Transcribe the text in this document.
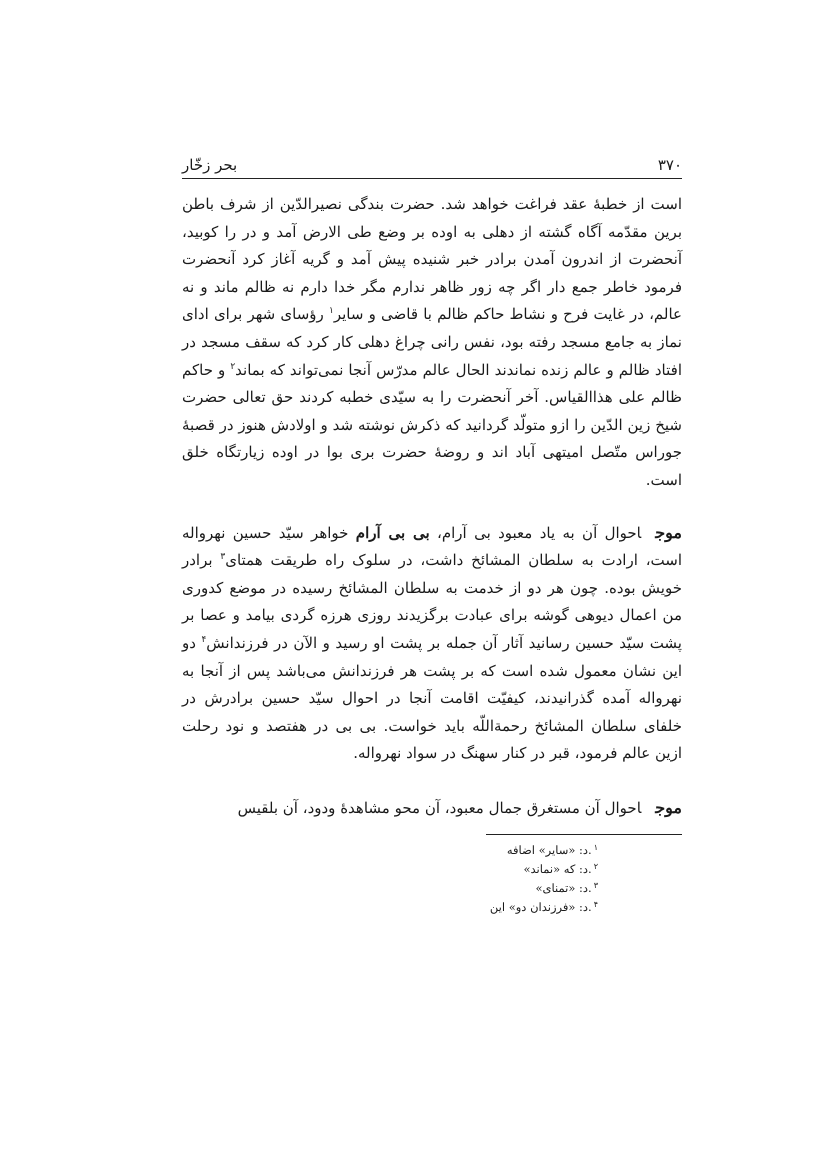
۳۷۰
بحر زخّار

است از خطبهٔ عقد فراغت خواهد شد. حضرت بندگی نصیرالدّین از شرف باطن برین مقدّمه آگاه گشته از دهلی به اوده بر وضع طی الارض آمد و در را کوبید، آنحضرت از اندرون آمدن برادر خبر شنیده پیش آمد و گریه آغاز کرد آنحضرت فرمود خاطر جمع دار اگر چه زور ظاهر ندارم مگر خدا دارم نه ظالم ماند و نه عالم، در غایت فرح و نشاط حاکم ظالم با قاضی و سایر$^۱$ رؤسای شهر برای ادای نماز به جامع مسجد رفته بود، نفس رانی چراغ دهلی کار کرد که سقف مسجد در افتاد ظالم و عالم زنده نماندند الحال عالم مدرّس آنجا نمی‌تواند که بماند$^۲$ و حاکم ظالم علی هذاالقیاس. آخر آنحضرت را به سیّدی خطبه کردند حق تعالی حضرت شیخ زین الدّین را ازو متولّد گردانید که ذکرش نوشته شد و اولادش هنوز در قصبهٔ جوراس متّصل امیتهی آباد اند و روضهٔ حضرت بری بوا در اوده زیارتگاه خلق است.

موجاحوال آن به یاد معبود بی آرام، بی بی آرام خواهر سیّد حسین نهرواله است، ارادت به سلطان المشائخ داشت، در سلوک راه طریقت همتای$^۳$ برادر خویش بوده. چون هر دو از خدمت به سلطان المشائخ رسیده در موضع کدوری من اعمال دیوهی گوشه برای عبادت برگزیدند روزی هرزه گردی بیامد و عصا بر پشت سیّد حسین رسانید آثار آن جمله بر پشت او رسید و الآن در فرزندانش$^۴$ دو این نشان معمول شده است که بر پشت هر فرزندانش می‌باشد پس از آنجا به نهرواله آمده گذرانیدند، کیفیّت اقامت آنجا در احوال سیّد حسین برادرش در خلفای سلطان المشائخ رحمةاللّه باید خواست. بی بی در هفتصد و نود رحلت ازین عالم فرمود، قبر در کنار سهنگ در سواد نهرواله.

موجاحوال آن مستغرق جمال معبود، آن محو مشاهدهٔ ودود، آن بلقیس

$^۱$.د: «سایر» اضافه
$^۲$.د: که «نماند»
$^۳$.د: «تمنای»
$^۴$.د: «فرزندان دو» این
